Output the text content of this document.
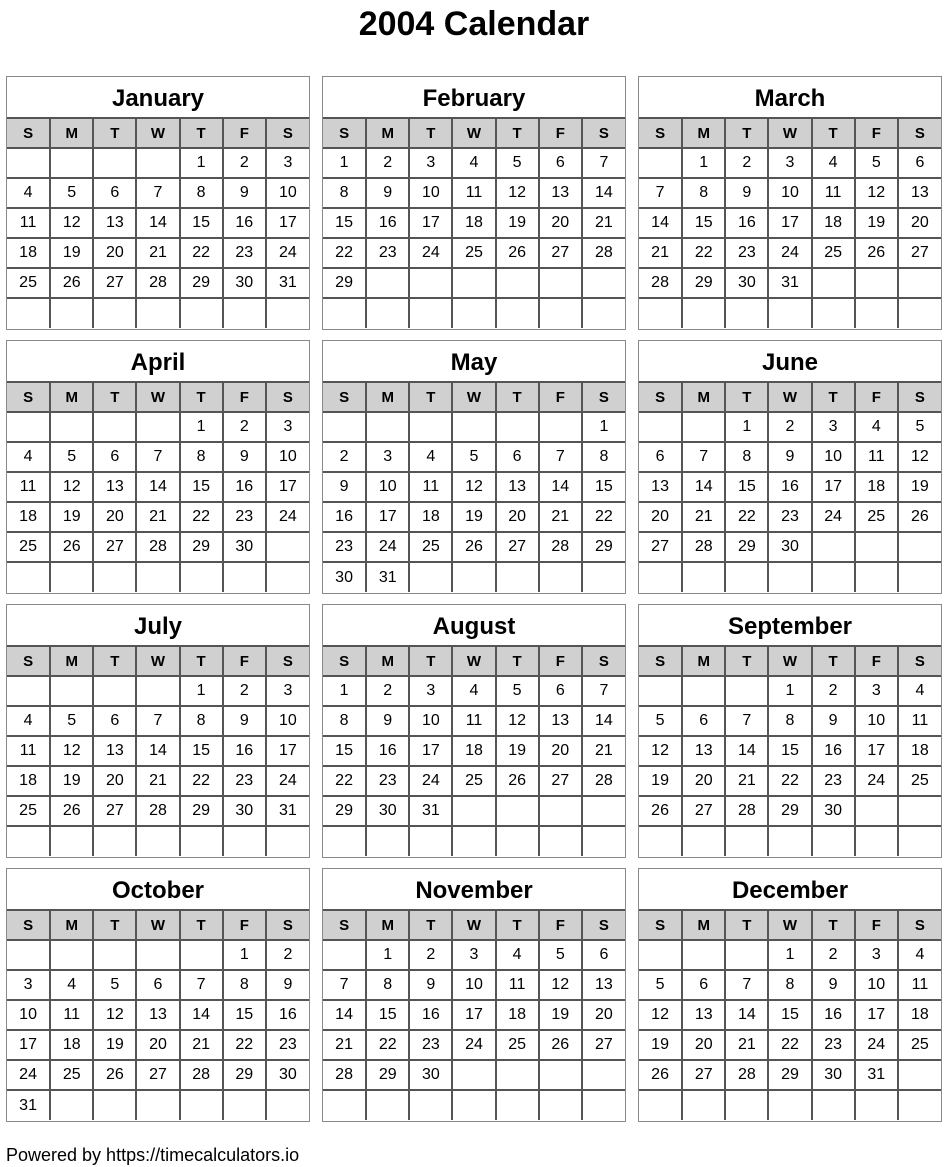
2004 Calendar
January
S	M	T	W	T	F	S
				1	2	3
4	5	6	7	8	9	10
11	12	13	14	15	16	17
18	19	20	21	22	23	24
25	26	27	28	29	30	31

February
S	M	T	W	T	F	S
1	2	3	4	5	6	7
8	9	10	11	12	13	14
15	16	17	18	19	20	21
22	23	24	25	26	27	28
29						

March
S	M	T	W	T	F	S
	1	2	3	4	5	6
7	8	9	10	11	12	13
14	15	16	17	18	19	20
21	22	23	24	25	26	27
28	29	30	31			

April
S	M	T	W	T	F	S
				1	2	3
4	5	6	7	8	9	10
11	12	13	14	15	16	17
18	19	20	21	22	23	24
25	26	27	28	29	30	

May
S	M	T	W	T	F	S
						1
2	3	4	5	6	7	8
9	10	11	12	13	14	15
16	17	18	19	20	21	22
23	24	25	26	27	28	29
30	31					
June
S	M	T	W	T	F	S
		1	2	3	4	5
6	7	8	9	10	11	12
13	14	15	16	17	18	19
20	21	22	23	24	25	26
27	28	29	30			

July
S	M	T	W	T	F	S
				1	2	3
4	5	6	7	8	9	10
11	12	13	14	15	16	17
18	19	20	21	22	23	24
25	26	27	28	29	30	31

August
S	M	T	W	T	F	S
1	2	3	4	5	6	7
8	9	10	11	12	13	14
15	16	17	18	19	20	21
22	23	24	25	26	27	28
29	30	31				

September
S	M	T	W	T	F	S
			1	2	3	4
5	6	7	8	9	10	11
12	13	14	15	16	17	18
19	20	21	22	23	24	25
26	27	28	29	30		

October
S	M	T	W	T	F	S
					1	2
3	4	5	6	7	8	9
10	11	12	13	14	15	16
17	18	19	20	21	22	23
24	25	26	27	28	29	30
31						
November
S	M	T	W	T	F	S
	1	2	3	4	5	6
7	8	9	10	11	12	13
14	15	16	17	18	19	20
21	22	23	24	25	26	27
28	29	30				

December
S	M	T	W	T	F	S
			1	2	3	4
5	6	7	8	9	10	11
12	13	14	15	16	17	18
19	20	21	22	23	24	25
26	27	28	29	30	31	

Powered by https://timecalculators.io
